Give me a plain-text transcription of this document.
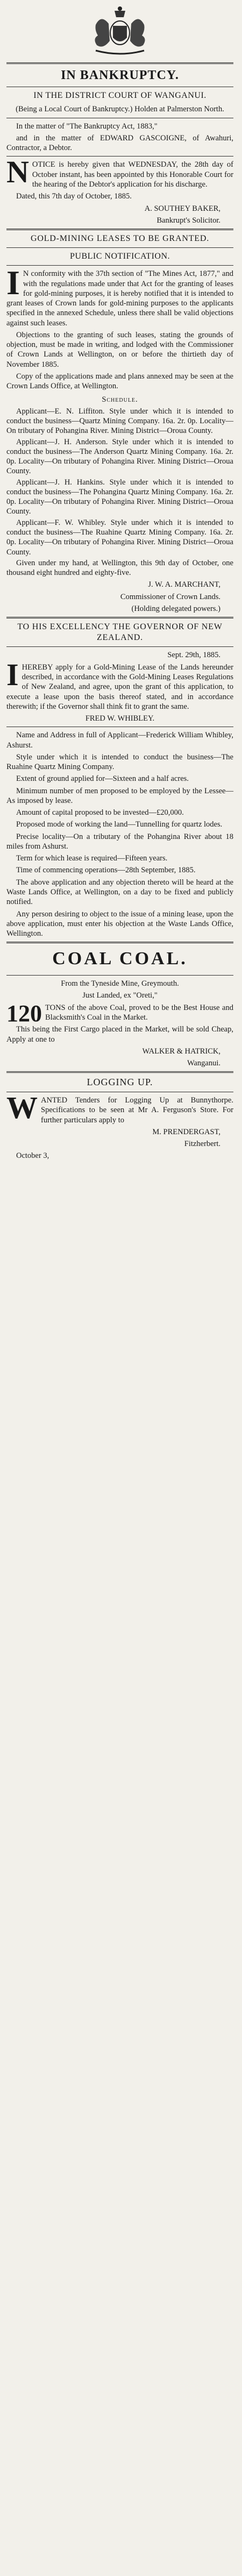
IN BANKRUPTCY.
IN THE DISTRICT COURT OF WANGANUI.

(Being a Local Court of Bankruptcy.) Holden at Palmerston North.

In the matter of "The Bankruptcy Act, 1883,"

and in the matter of EDWARD GASCOIGNE, of Awahuri, Contractor, a Debtor.

NOTICE is hereby given that WEDNESDAY, the 28th day of October instant, has been appointed by this Honorable Court for the hearing of the Debtor's application for his discharge.

Dated, this 7th day of October, 1885.

A. SOUTHEY BAKER,

Bankrupt's Solicitor.

GOLD-MINING LEASES TO BE GRANTED.
PUBLIC NOTIFICATION.

I N conformity with the 37th section of "The Mines Act, 1877," and with the regulations made under that Act for the granting of leases for gold-mining purposes, it is hereby notified that it is intended to grant leases of Crown lands for gold-mining purposes to the applicants specified in the annexed Schedule, unless there shall be valid objections against such leases.

Objections to the granting of such leases, stating the grounds of objection, must be made in writing, and lodged with the Commissioner of Crown Lands at Wellington, on or before the thirtieth day of November 1885.

Copy of the applications made and plans annexed may be seen at the Crown Lands Office, at Wellington.

Schedule.

Applicant—E. N. Liffiton. Style under which it is intended to conduct the business—Quartz Mining Company. 16a. 2r. 0p. Locality—On tributary of Pohangina River. Mining District—Oroua County.

Applicant—J. H. Anderson. Style under which it is intended to conduct the business—The Anderson Quartz Mining Company. 16a. 2r. 0p. Locality—On tributary of Pohangina River. Mining District—Oroua County.

Applicant—J. H. Hankins. Style under which it is intended to conduct the business—The Pohangina Quartz Mining Company. 16a. 2r. 0p. Locality—On tributary of Pohangina River. Mining District—Oroua County.

Applicant—F. W. Whibley. Style under which it is intended to conduct the business—The Ruahine Quartz Mining Company. 16a. 2r. 0p. Locality—On tributary of Pohangina River. Mining District—Oroua County.

Given under my hand, at Wellington, this 9th day of October, one thousand eight hundred and eighty-five.

J. W. A. MARCHANT,

Commissioner of Crown Lands.

(Holding delegated powers.)

TO HIS EXCELLENCY THE GOVERNOR OF NEW ZEALAND.

Sept. 29th, 1885.

IHEREBY apply for a Gold-Mining Lease of the Lands hereunder described, in accordance with the Gold-Mining Leases Regulations of New Zealand, and agree, upon the grant of this application, to execute a lease upon the basis thereof stated, and in accordance therewith; if the Governor shall think fit to grant the same.

FRED W. WHIBLEY.

Name and Address in full of Applicant—Frederick William Whibley, Ashurst.

Style under which it is intended to conduct the business—The Ruahine Quartz Mining Company.

Extent of ground applied for—Sixteen and a half acres.

Minimum number of men proposed to be employed by the Lessee—As imposed by lease.

Amount of capital proposed to be invested—£20,000.

Proposed mode of working the land—Tunnelling for quartz lodes.

Precise locality—On a tributary of the Pohangina River about 18 miles from Ashurst.

Term for which lease is required—Fifteen years.

Time of commencing operations—28th September, 1885.

The above application and any objection thereto will be heard at the Waste Lands Office, at Wellington, on a day to be fixed and publicly notified.

Any person desiring to object to the issue of a mining lease, upon the above application, must enter his objection at the Waste Lands Office, Wellington.

COAL COAL.

From the Tyneside Mine, Greymouth.

Just Landed, ex "Oreti,"

120 TONS of the above Coal, proved to be the Best House and Blacksmith's Coal in the Market.

This being the First Cargo placed in the Market, will be sold Cheap, Apply at one to

WALKER & HATRICK,

Wanganui.

LOGGING UP.

WANTED Tenders for Logging Up at Bunnythorpe. Specifications to be seen at Mr A. Ferguson's Store. For further particulars apply to

M. PRENDERGAST,

Fitzherbert.

October 3,
